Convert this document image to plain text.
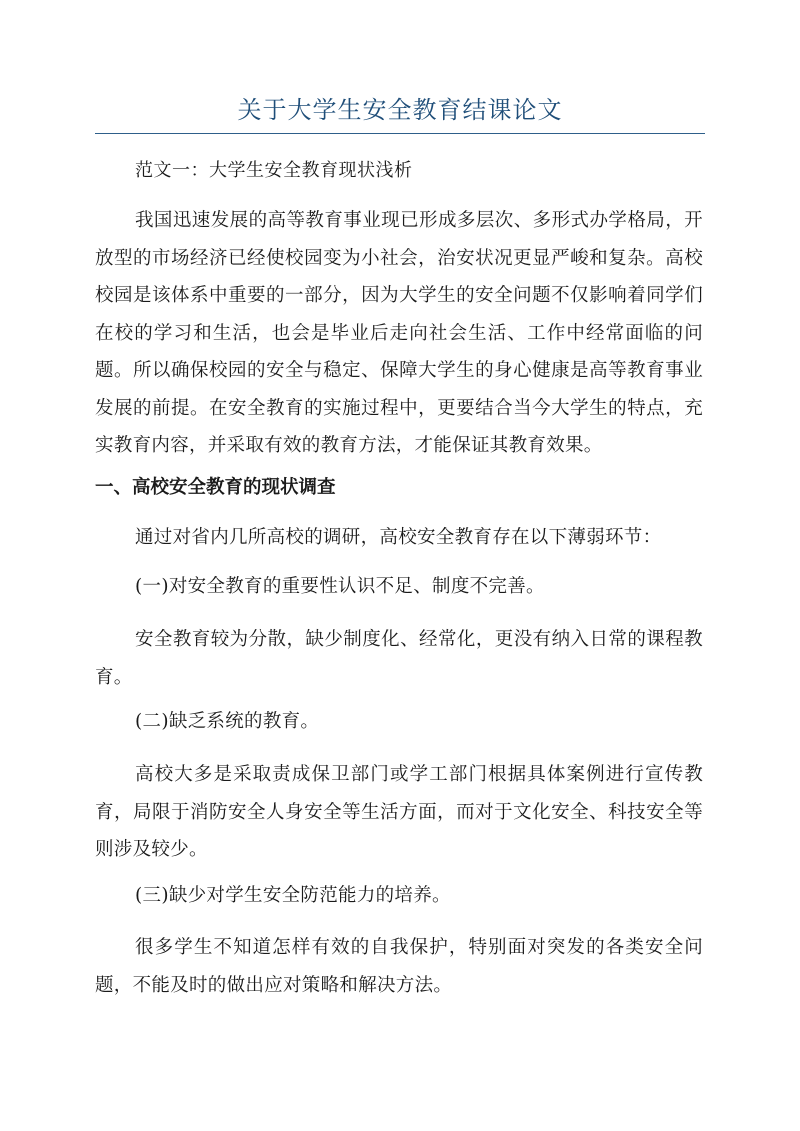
关于大学生安全教育结课论文
范文一：大学生安全教育现状浅析

我国迅速发展的高等教育事业现已形成多层次、多形式办学格局，开放型的市场经济已经使校园变为小社会，治安状况更显严峻和复杂。高校校园是该体系中重要的一部分，因为大学生的安全问题不仅影响着同学们在校的学习和生活，也会是毕业后走向社会生活、工作中经常面临的问题。所以确保校园的安全与稳定、保障大学生的身心健康是高等教育事业发展的前提。在安全教育的实施过程中，更要结合当今大学生的特点，充实教育内容，并采取有效的教育方法，才能保证其教育效果。

一、高校安全教育的现状调查
通过对省内几所高校的调研，高校安全教育存在以下薄弱环节：
(一)对安全教育的重要性认识不足、制度不完善。

安全教育较为分散，缺少制度化、经常化，更没有纳入日常的课程教育。

(二)缺乏系统的教育。

高校大多是采取责成保卫部门或学工部门根据具体案例进行宣传教育，局限于消防安全人身安全等生活方面，而对于文化安全、科技安全等则涉及较少。

(三)缺少对学生安全防范能力的培养。

很多学生不知道怎样有效的自我保护，特别面对突发的各类安全问题，不能及时的做出应对策略和解决方法。
